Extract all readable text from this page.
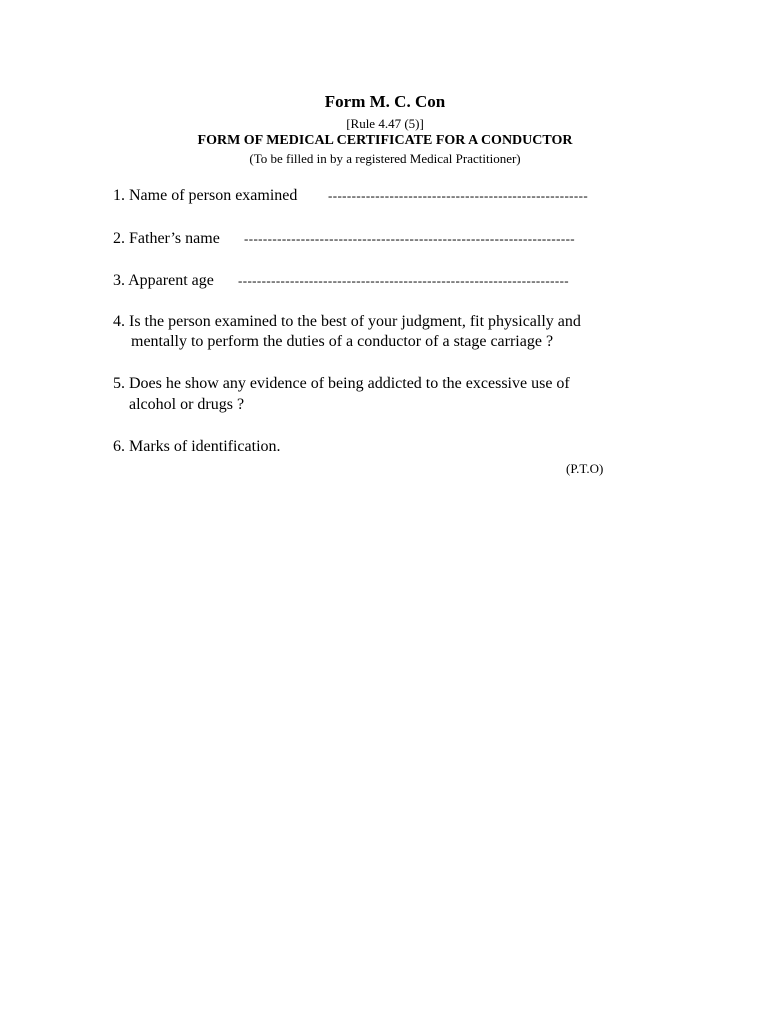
Form M. C. Con
[Rule 4.47 (5)]
FORM OF MEDICAL CERTIFICATE FOR A CONDUCTOR
(To be filled in by a registered Medical Practitioner)
1. Name of person examined -------------------------------------------------------
2. Father’s name ----------------------------------------------------------------------
3. Apparent age ----------------------------------------------------------------------
4. Is the person examined to the best of your judgment, fit physically and
mentally to perform the duties of a conductor of a stage carriage ?
5. Does he show any evidence of being addicted to the excessive use of
alcohol or drugs ?
6. Marks of identification.
(P.T.O)
